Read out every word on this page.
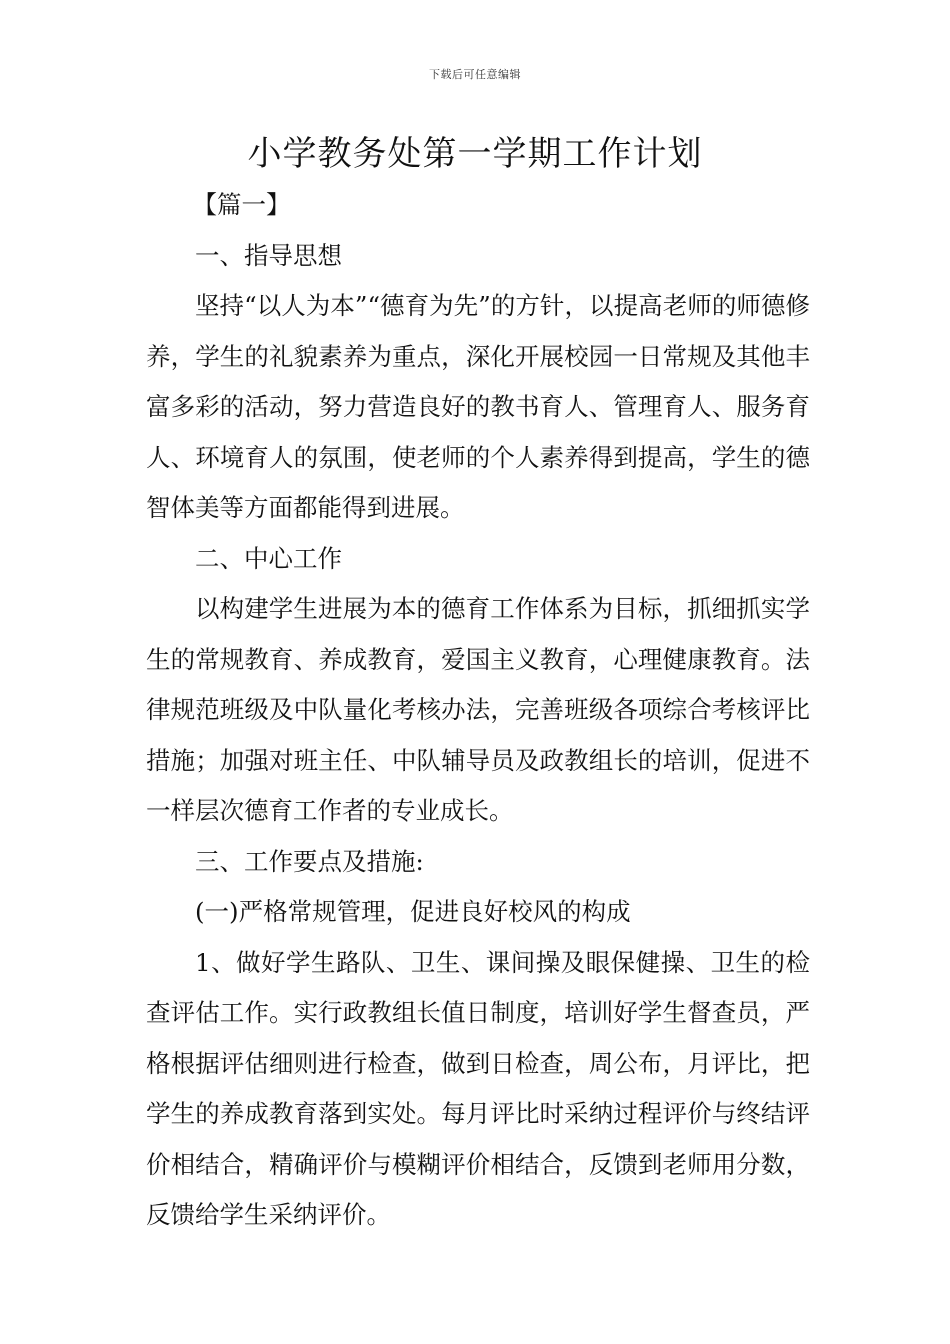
下载后可任意编辑
小学教务处第一学期工作计划

【篇一】

一、指导思想

坚持“以人为本”“德育为先”的方针，以提高老师的师德修养，学生的礼貌素养为重点，深化开展校园一日常规及其他丰富多彩的活动，努力营造良好的教书育人、管理育人、服务育人、环境育人的氛围，使老师的个人素养得到提高，学生的德智体美等方面都能得到进展。

二、中心工作

以构建学生进展为本的德育工作体系为目标，抓细抓实学生的常规教育、养成教育，爱国主义教育，心理健康教育。法律规范班级及中队量化考核办法，完善班级各项综合考核评比措施；加强对班主任、中队辅导员及政教组长的培训，促进不一样层次德育工作者的专业成长。

三、工作要点及措施:

(一)严格常规管理，促进良好校风的构成

1、做好学生路队、卫生、课间操及眼保健操、卫生的检查评估工作。实行政教组长值日制度，培训好学生督查员，严格根据评估细则进行检查，做到日检查，周公布，月评比，把学生的养成教育落到实处。每月评比时采纳过程评价与终结评价相结合，精确评价与模糊评价相结合，反馈到老师用分数，反馈给学生采纳评价。
